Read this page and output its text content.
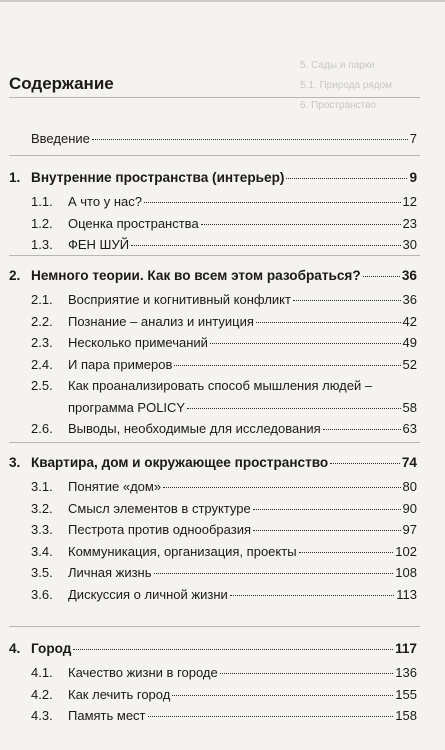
5. Сады и парки
5.1. Природа рядом
6. Пространство
Содержание
Введение	7
1. Внутренние пространства (интерьер)	9
1.1.	А что у нас?	12
1.2.	Оценка пространства	23
1.3.	ФЕН ШУЙ	30
2. Немного теории. Как во всем этом разобраться?	36
2.1.	Восприятие и когнитивный конфликт	36
2.2.	Познание – анализ и интуиция	42
2.3.	Несколько примечаний	49
2.4.	И пара примеров	52
2.5.	Как проанализировать способ мышления людей –
программа POLICY	58
2.6.	Выводы, необходимые для исследования	63
3. Квартира, дом и окружающее пространство	74
3.1.	Понятие «дом»	80
3.2.	Смысл элементов в структуре	90
3.3.	Пестрота против однообразия	97
3.4.	Коммуникация, организация, проекты	102
3.5.	Личная жизнь	108
3.6.	Дискуссия о личной жизни	113
4. Город	117
4.1.	Качество жизни в городе	136
4.2.	Как лечить город	155
4.3.	Память мест	158
